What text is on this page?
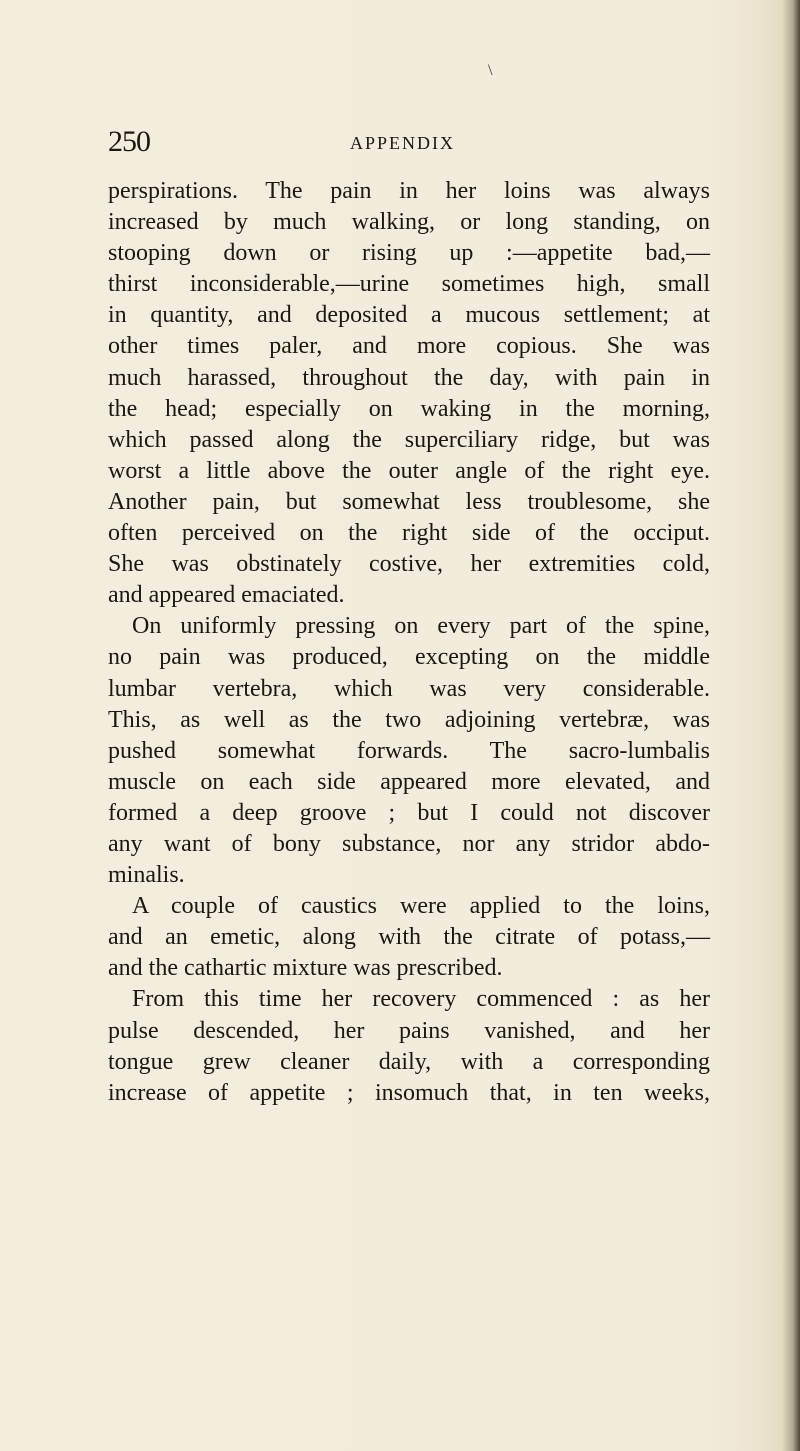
\
250	APPENDIX
perspirations. The pain in her loins was always
increased by much walking, or long standing, on
stooping down or rising up :—appetite bad,—
thirst inconsiderable,—urine sometimes high, small
in quantity, and deposited a mucous settlement; at
other times paler, and more copious. She was
much harassed, throughout the day, with pain in
the head; especially on waking in the morning,
which passed along the superciliary ridge, but was
worst a little above the outer angle of the right eye.
Another pain, but somewhat less troublesome, she
often perceived on the right side of the occiput.
She was obstinately costive, her extremities cold,
and appeared emaciated.
On uniformly pressing on every part of the spine,
no pain was produced, excepting on the middle
lumbar vertebra, which was very considerable.
This, as well as the two adjoining vertebræ, was
pushed somewhat forwards. The sacro-lumbalis
muscle on each side appeared more elevated, and
formed a deep groove ; but I could not discover
any want of bony substance, nor any stridor abdo-
minalis.
A couple of caustics were applied to the loins,
and an emetic, along with the citrate of potass,—
and the cathartic mixture was prescribed.
From this time her recovery commenced : as her
pulse descended, her pains vanished, and her
tongue grew cleaner daily, with a corresponding
increase of appetite ; insomuch that, in ten weeks,
